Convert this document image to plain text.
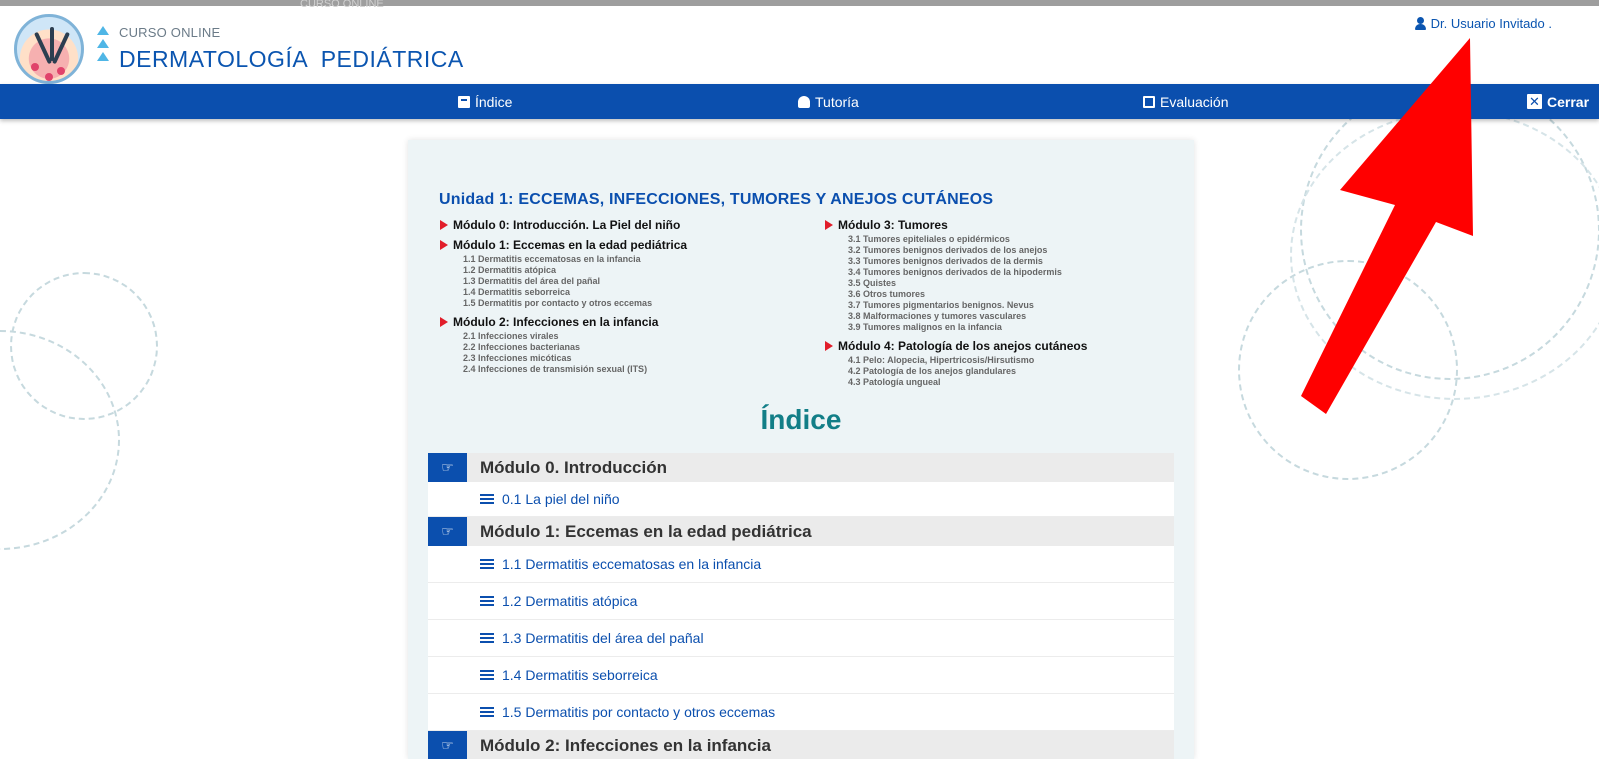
CURSO ONLINE
CURSO ONLINE
DERMATOLOGÍA  PEDIÁTRICA
Dr. Usuario Invitado .
Índice	Tutoría	Evaluación	✕ Cerrar
Unidad 1: ECCEMAS, INFECCIONES, TUMORES Y ANEJOS CUTÁNEOS
Módulo 0: Introducción. La Piel del niño
Módulo 1: Eccemas en la edad pediátrica
1.1 Dermatitis eccematosas en la infancia
1.2 Dermatitis atópica
1.3 Dermatitis del área del pañal
1.4 Dermatitis seborreica
1.5 Dermatitis por contacto y otros eccemas
Módulo 2: Infecciones en la infancia
2.1 Infecciones virales
2.2 Infecciones bacterianas
2.3 Infecciones micóticas
2.4 Infecciones de transmisión sexual (ITS)
Módulo 3: Tumores
3.1 Tumores epiteliales o epidérmicos
3.2 Tumores benignos derivados de los anejos
3.3 Tumores benignos derivados de la dermis
3.4 Tumores benignos derivados de la hipodermis
3.5 Quistes
3.6 Otros tumores
3.7 Tumores pigmentarios benignos. Nevus
3.8 Malformaciones y tumores vasculares
3.9 Tumores malignos en la infancia
Módulo 4: Patología de los anejos cutáneos
4.1 Pelo: Alopecia, Hipertricosis/Hirsutismo
4.2 Patología de los anejos glandulares
4.3 Patología ungueal
Índice
☞	Módulo 0. Introducción
0.1 La piel del niño
☞	Módulo 1: Eccemas en la edad pediátrica
1.1 Dermatitis eccematosas en la infancia
1.2 Dermatitis atópica
1.3 Dermatitis del área del pañal
1.4 Dermatitis seborreica
1.5 Dermatitis por contacto y otros eccemas
☞	Módulo 2: Infecciones en la infancia
